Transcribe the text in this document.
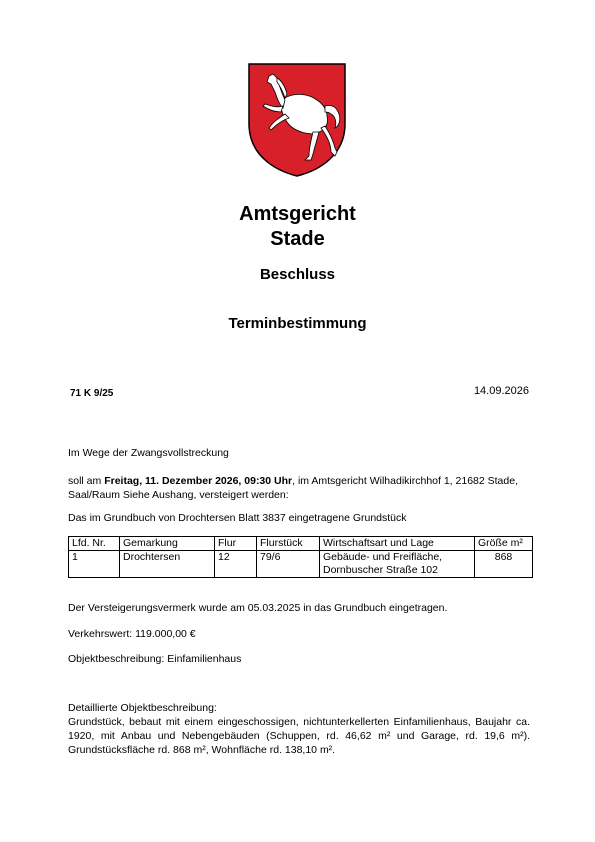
Amtsgericht
Stade
Beschluss
Terminbestimmung
71 K 9/25	14.09.2026
Im Wege der Zwangsvollstreckung
soll am Freitag, 11. Dezember 2026, 09:30 Uhr, im Amtsgericht Wilhadikirchhof 1, 21682 Stade, Saal/Raum Siehe Aushang, versteigert werden:
Das im Grundbuch von Drochtersen Blatt 3837 eingetragene Grundstück
Lfd. Nr.	Gemarkung	Flur	Flurstück	Wirtschaftsart und Lage	Größe m²
1	Drochtersen	12	79/6	Gebäude- und Freifläche, Dornbuscher Straße 102	868
Der Versteigerungsvermerk wurde am 05.03.2025 in das Grundbuch eingetragen.
Verkehrswert: 119.000,00 €
Objektbeschreibung: Einfamilienhaus
Detaillierte Objektbeschreibung:
Grundstück, bebaut mit einem eingeschossigen, nichtunterkellerten Einfamilienhaus, Baujahr ca. 1920, mit Anbau und Nebengebäuden (Schuppen, rd. 46,62 m² und Garage, rd. 19,6 m²). Grundstücksfläche rd. 868 m², Wohnfläche rd. 138,10 m².
